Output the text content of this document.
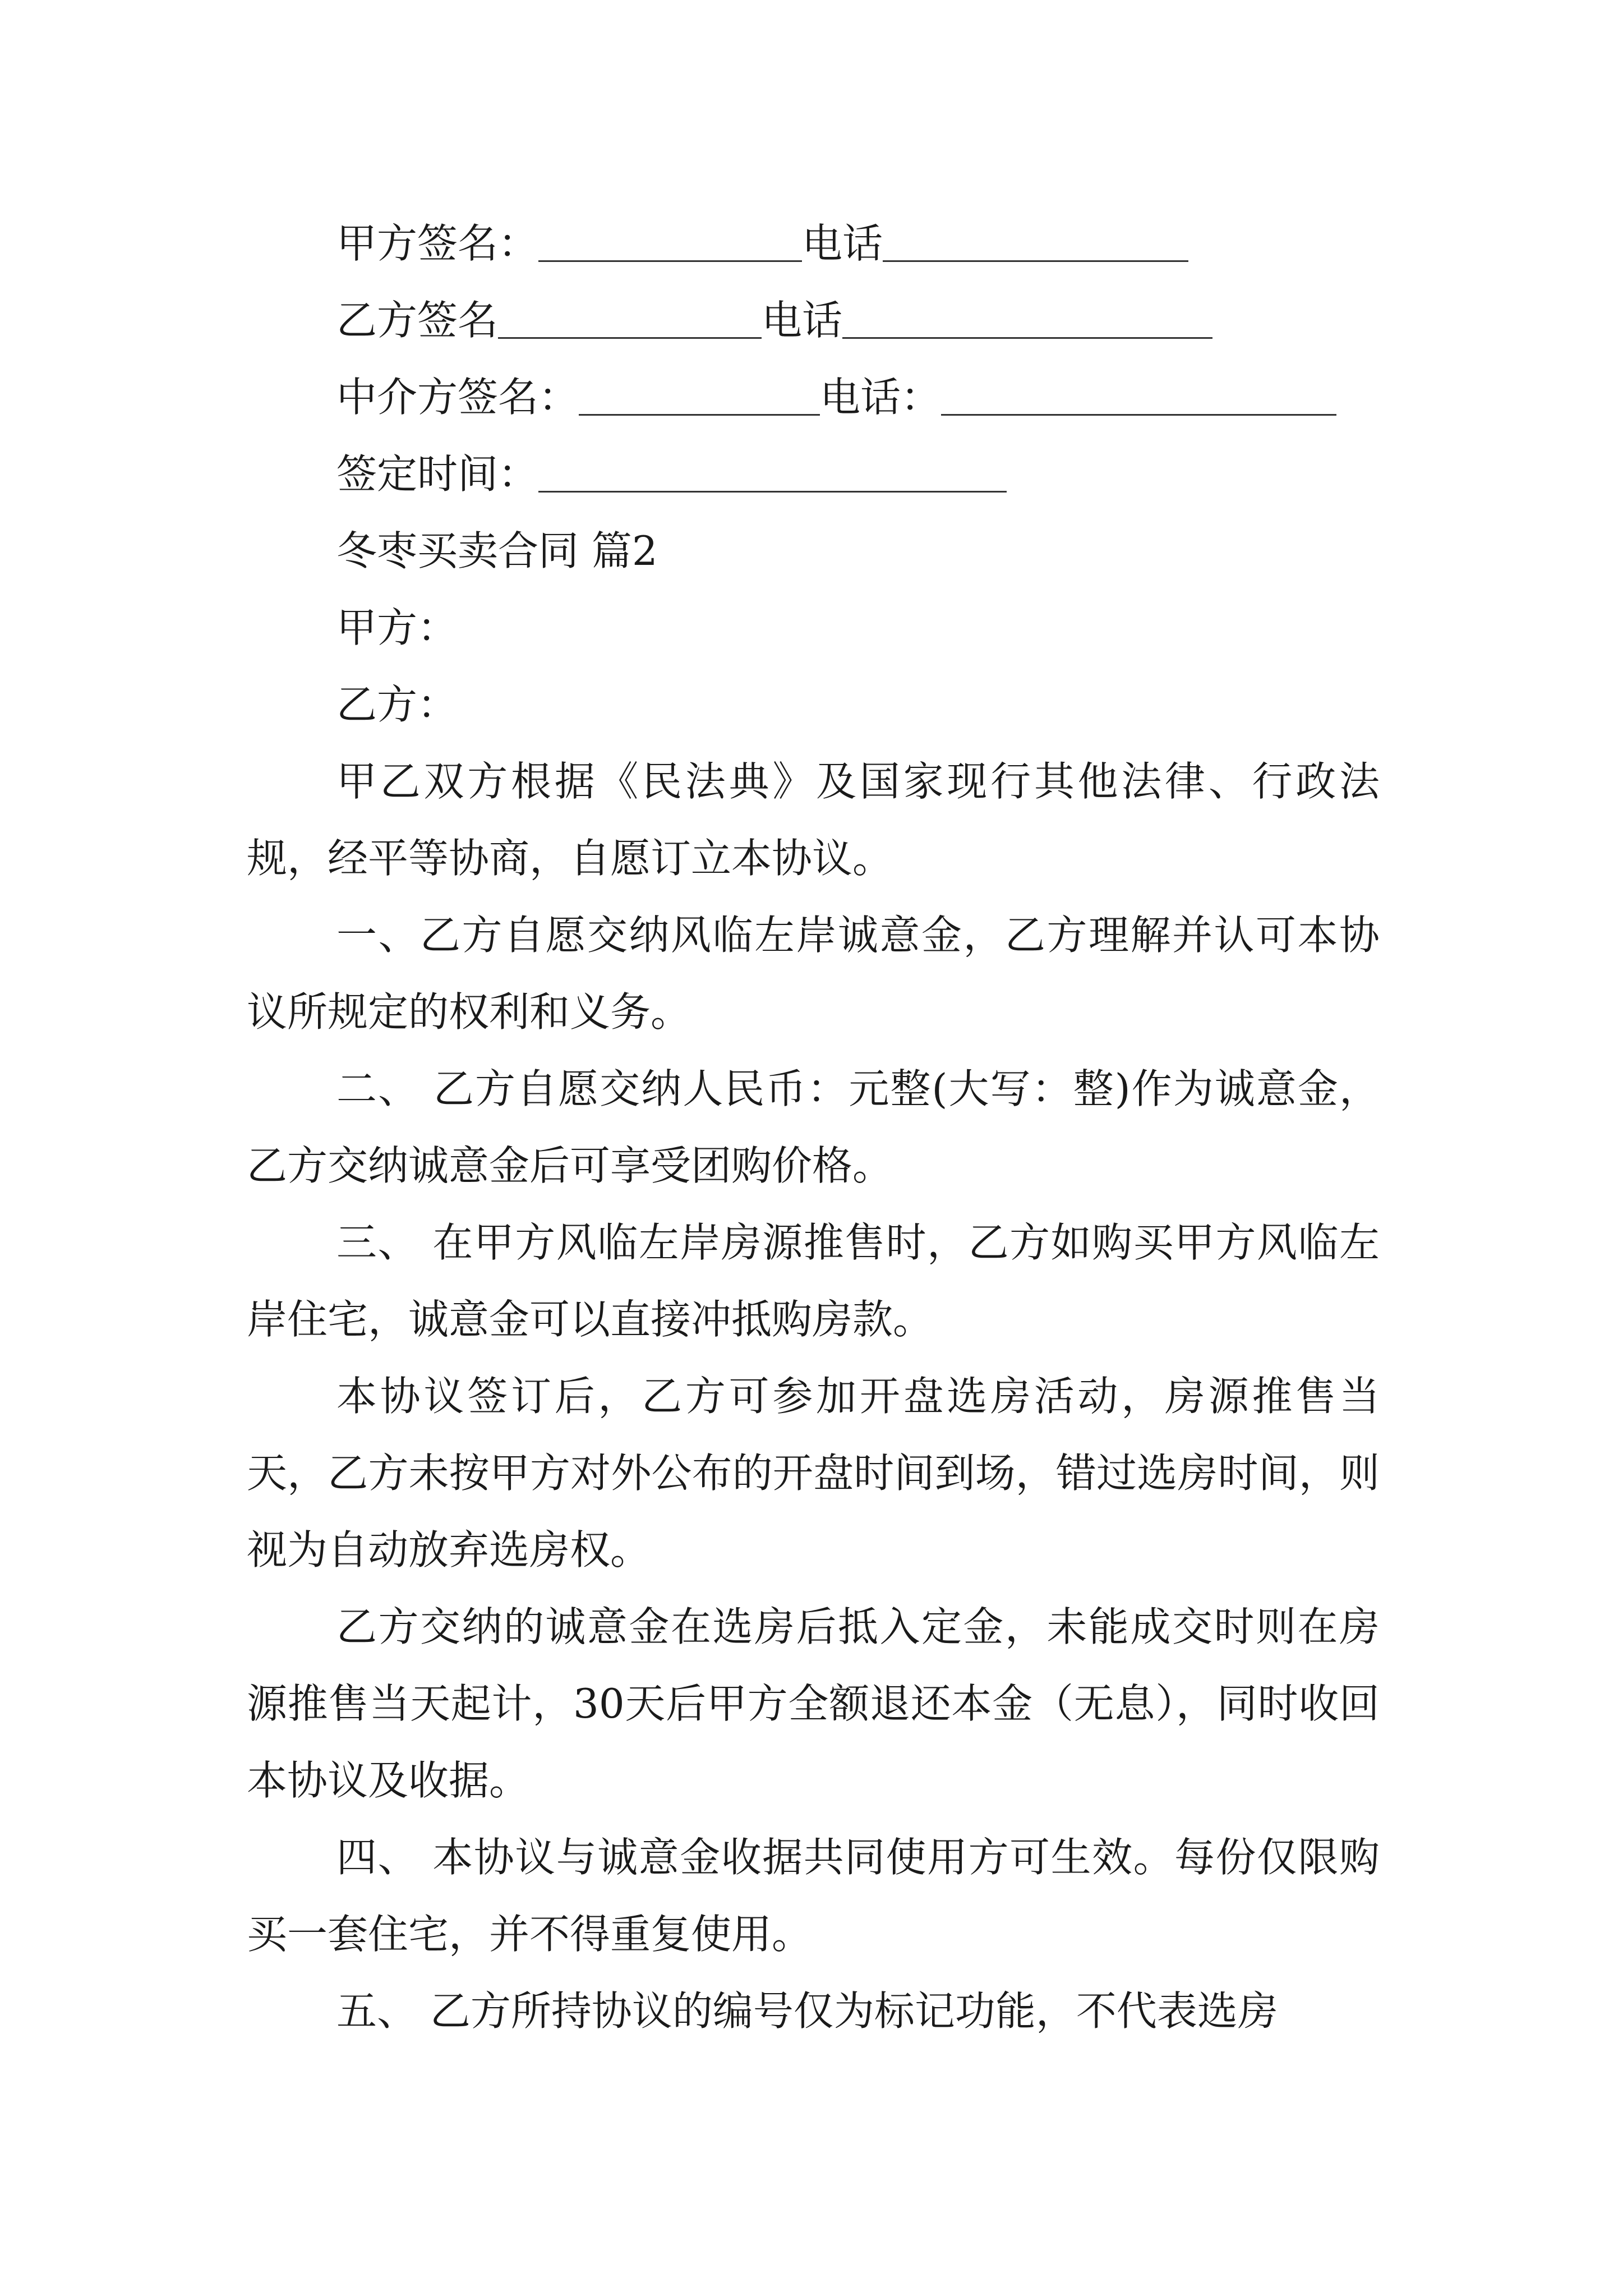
甲方签名：	电话
乙方签名	电话
中介方签名：	电话：
签定时间：
冬枣买卖合同 篇2
甲方：
乙方：
甲乙双方根据《民法典》及国家现行其他法律、行政法规，经平等协商，自愿订立本协议。
一、乙方自愿交纳风临左岸诚意金，乙方理解并认可本协议所规定的权利和义务。
二、 乙方自愿交纳人民币：元整(大写：整)作为诚意金，乙方交纳诚意金后可享受团购价格。
三、 在甲方风临左岸房源推售时，乙方如购买甲方风临左岸住宅，诚意金可以直接冲抵购房款。
本协议签订后，乙方可参加开盘选房活动，房源推售当天，乙方未按甲方对外公布的开盘时间到场，错过选房时间，则视为自动放弃选房权。
乙方交纳的诚意金在选房后抵入定金，未能成交时则在房源推售当天起计，30天后甲方全额退还本金（无息），同时收回本协议及收据。
四、 本协议与诚意金收据共同使用方可生效。每份仅限购买一套住宅，并不得重复使用。
五、 乙方所持协议的编号仅为标记功能，不代表选房
